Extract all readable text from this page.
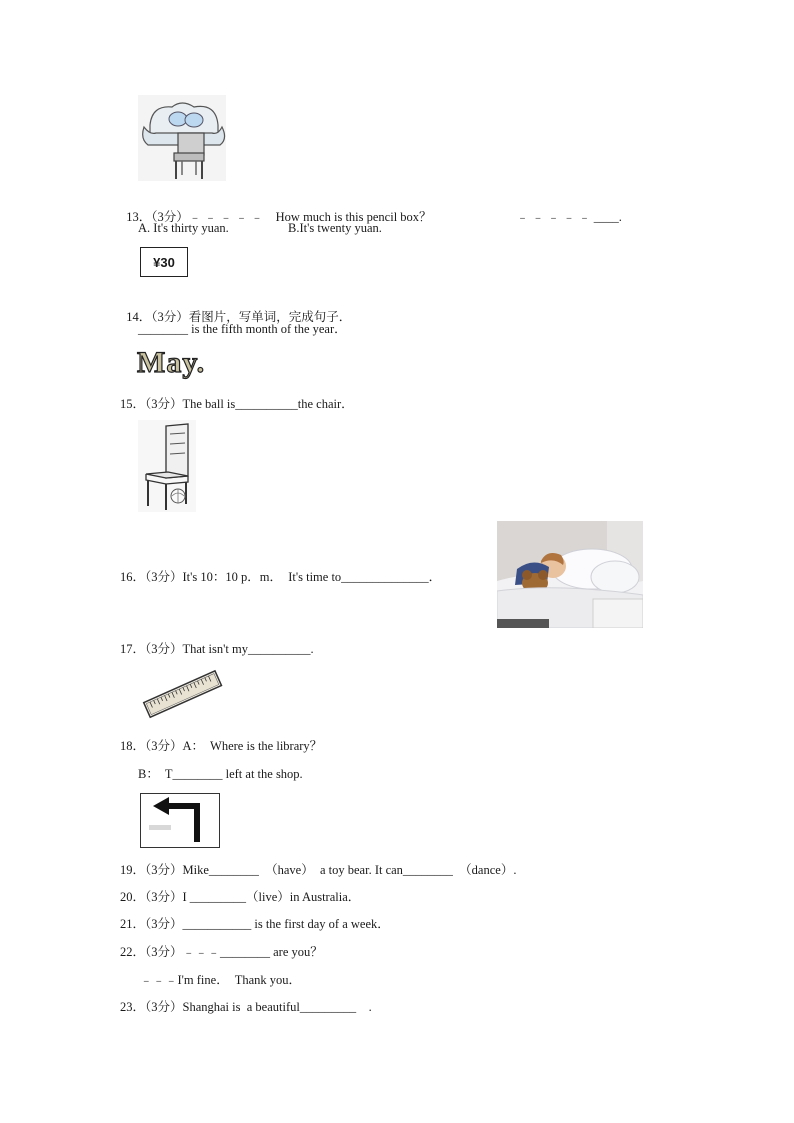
13．（3分）﹣﹣﹣﹣﹣ How much is this pencil box？	﹣﹣﹣﹣﹣____.

A. It's thirty yuan.	B.It's twenty yuan.
¥30

14．（3分）看图片，写单词，完成句子．

________ is the fifth month of the year．
May.
15．（3分）The ball is__________the chair．
16．（3分）It's 10：10 p．m．  It's time to______________．
17．（3分）That isn't my__________.
18．（3分）A：  Where is the library？
B：  T________ left at the shop.
19．（3分）Mike________  （have）  a toy bear. It can________  （dance）.
20．（3分）I _________（live）in Australia．
21．（3分）___________ is the first day of a week．
22．（3分）﹣﹣﹣________ are you？
﹣﹣﹣I'm fine．  Thank you．
23．（3分）Shanghai is  a beautiful_________    .
